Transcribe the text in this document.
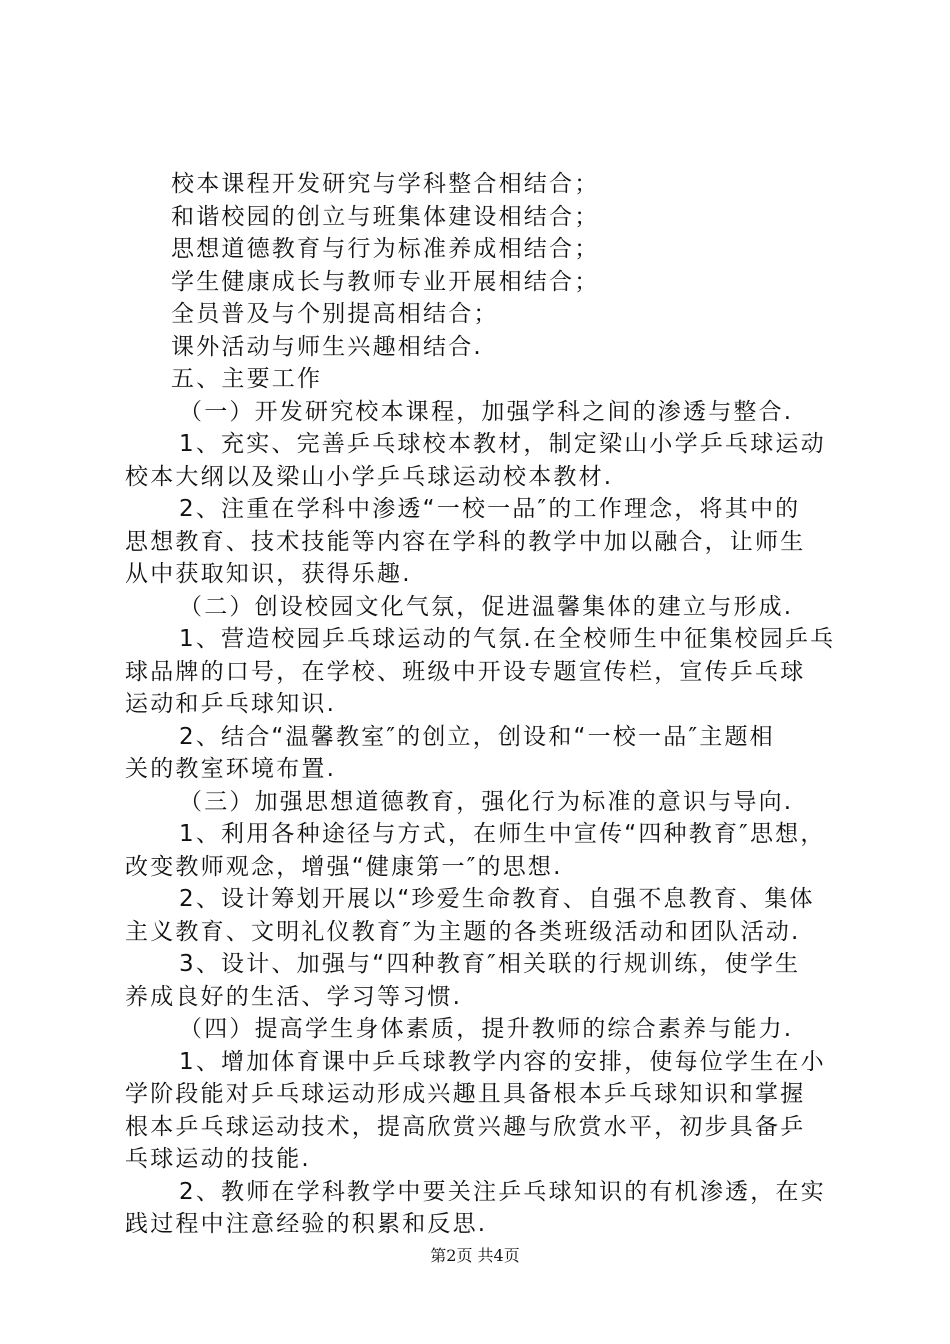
校本课程开发研究与学科整合相结合；
和谐校园的创立与班集体建设相结合；
思想道德教育与行为标准养成相结合；
学生健康成长与教师专业开展相结合；
全员普及与个别提高相结合；
课外活动与师生兴趣相结合.
五、主要工作
（一）开发研究校本课程，加强学科之间的渗透与整合.
1、充实、完善乒乓球校本教材，制定梁山小学乒乓球运动
校本大纲以及梁山小学乒乓球运动校本教材.
2、注重在学科中渗透“一校一品″的工作理念，将其中的
思想教育、技术技能等内容在学科的教学中加以融合，让师生
从中获取知识，获得乐趣.
（二）创设校园文化气氛，促进温馨集体的建立与形成.
1、营造校园乒乓球运动的气氛.在全校师生中征集校园乒乓
球品牌的口号，在学校、班级中开设专题宣传栏，宣传乒乓球
运动和乒乓球知识.
2、结合“温馨教室″的创立，创设和“一校一品″主题相
关的教室环境布置.
（三）加强思想道德教育，强化行为标准的意识与导向.
1、利用各种途径与方式，在师生中宣传“四种教育″思想，
改变教师观念，增强“健康第一″的思想.
2、设计筹划开展以“珍爱生命教育、自强不息教育、集体
主义教育、文明礼仪教育″为主题的各类班级活动和团队活动.
3、设计、加强与“四种教育″相关联的行规训练，使学生
养成良好的生活、学习等习惯.
（四）提高学生身体素质，提升教师的综合素养与能力.
1、增加体育课中乒乓球教学内容的安排，使每位学生在小
学阶段能对乒乓球运动形成兴趣且具备根本乒乓球知识和掌握
根本乒乓球运动技术，提高欣赏兴趣与欣赏水平，初步具备乒
乓球运动的技能.
2、教师在学科教学中要关注乒乓球知识的有机渗透，在实
践过程中注意经验的积累和反思.
第2页 共4页
